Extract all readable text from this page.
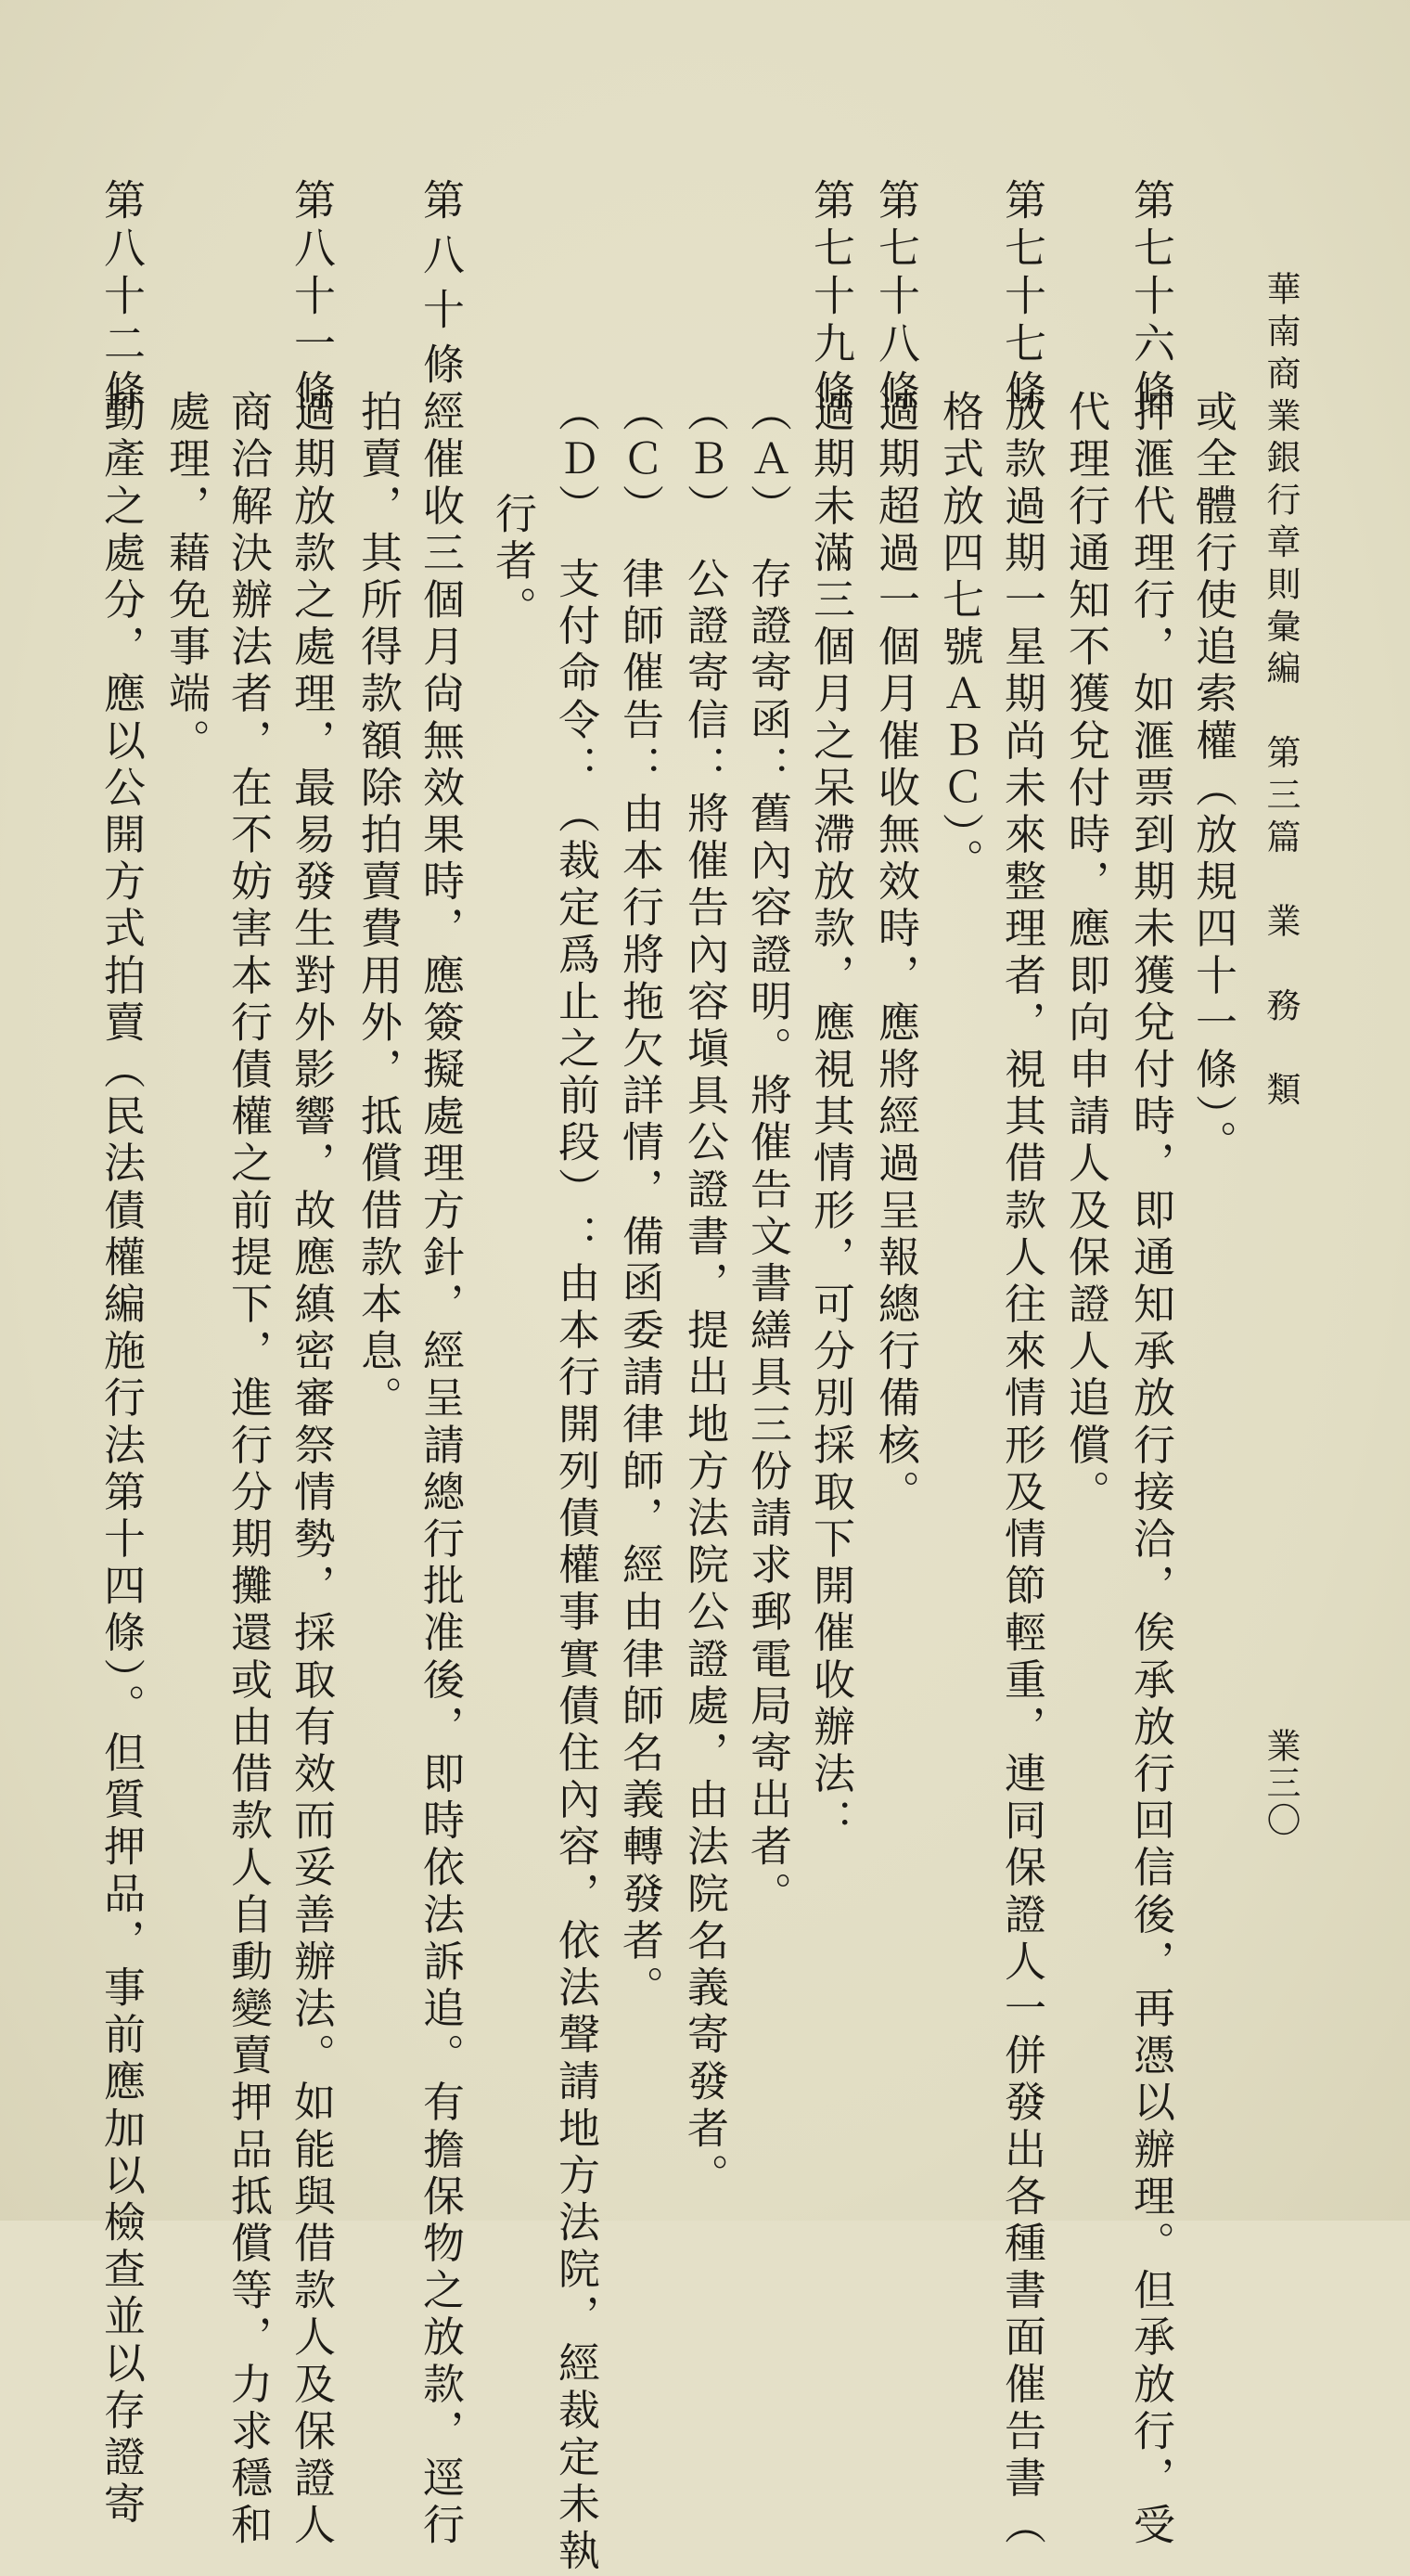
華南商業銀行章則彙編　第三篇　業　務　類
業三〇
第七十六條
第七十七條
第七十八條
第七十九條
第八十條
第八十一條
第八十二條
或全體行使追索權（放規四十一條）。
押滙代理行，如滙票到期未獲兌付時，即通知承放行接洽，俟承放行回信後，再憑以辦理。但承放行，受
代理行通知不獲兌付時，應即向申請人及保證人追償。
放款過期一星期尚未來整理者，視其借款人往來情形及情節輕重，連同保證人一併發出各種書面催告書（
格式放四七號ＡＢＣ）。
過期超過一個月催收無效時，應將經過呈報總行備核。
過期未滿三個月之呆滯放款，應視其情形，可分別採取下開催收辦法：
（Ａ）　存證寄函：舊內容證明。將催告文書繕具三份請求郵電局寄出者。
（Ｂ）　公證寄信：將催告內容塡具公證書，提出地方法院公證處，由法院名義寄發者。
（Ｃ）　律師催告：由本行將拖欠詳情，備函委請律師，經由律師名義轉發者。
（Ｄ）　支付命令：（裁定爲止之前段）：由本行開列債權事實債住內容，依法聲請地方法院，經裁定未執
行者。
經催收三個月尙無效果時，應簽擬處理方針，經呈請總行批准後，即時依法訴追。有擔保物之放款，逕行
拍賣，其所得款額除拍賣費用外，抵償借款本息。
過期放款之處理，最易發生對外影響，故應縝密審祭情勢，採取有效而妥善辦法。如能與借款人及保證人
商洽解決辦法者，在不妨害本行債權之前提下，進行分期攤還或由借款人自動變賣押品抵償等，力求穩和
處理，藉免事端。
動產之處分，應以公開方式拍賣（民法債權編施行法第十四條）。但質押品，事前應加以檢查並以存證寄
